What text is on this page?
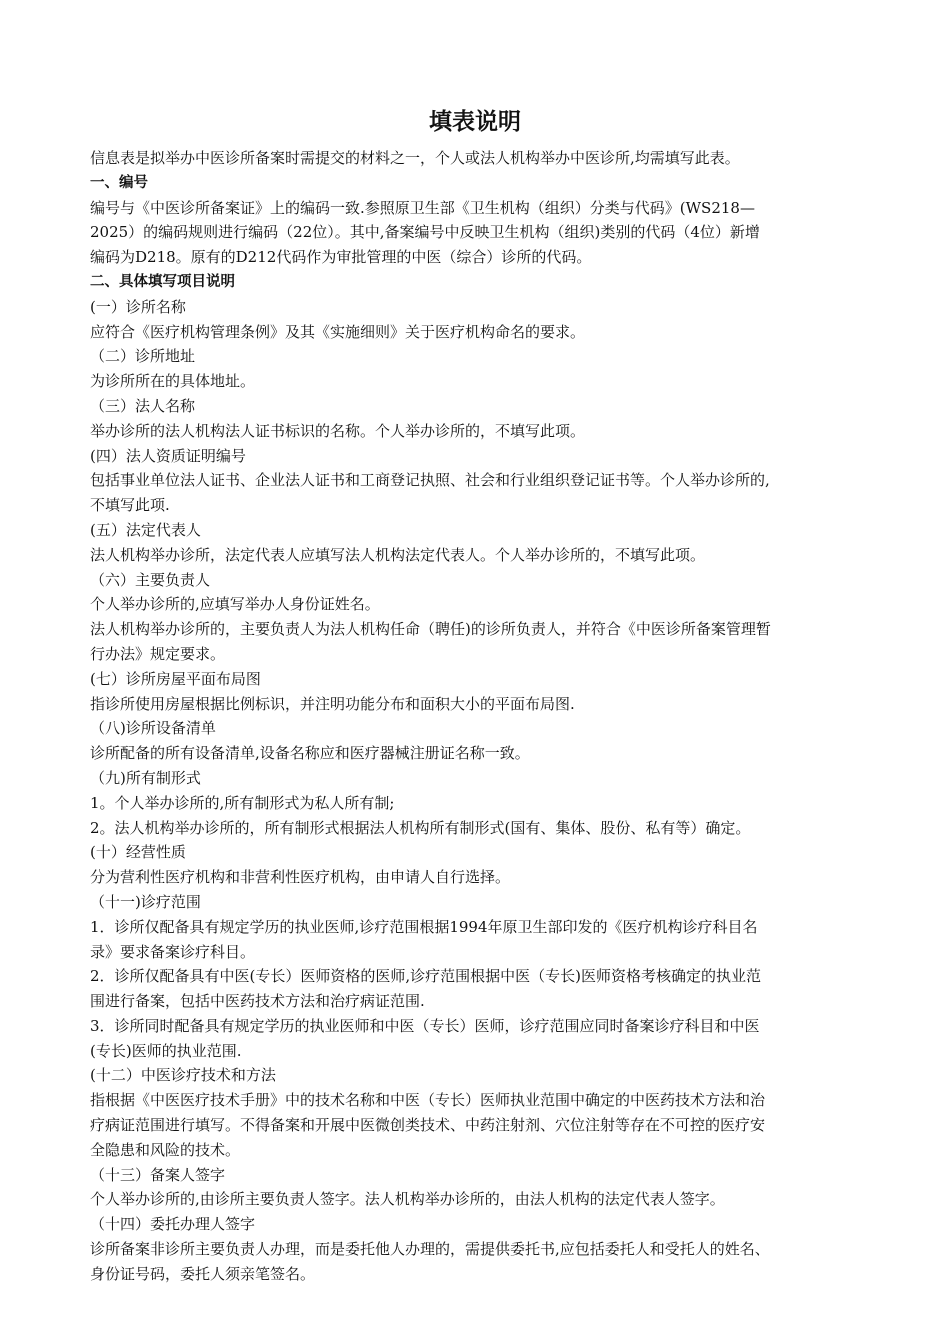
填表说明

信息表是拟举办中医诊所备案时需提交的材料之一，个人或法人机构举办中医诊所,均需填写此表。

一、编号

编号与《中医诊所备案证》上的编码一致.参照原卫生部《卫生机构（组织）分类与代码》(WS218—

2025）的编码规则进行编码（22位）。其中,备案编号中反映卫生机构（组织)类别的代码（4位）新增

编码为D218。原有的D212代码作为审批管理的中医（综合）诊所的代码。

二、具体填写项目说明

(一）诊所名称

应符合《医疗机构管理条例》及其《实施细则》关于医疗机构命名的要求。

（二）诊所地址

为诊所所在的具体地址。

（三）法人名称

举办诊所的法人机构法人证书标识的名称。个人举办诊所的，不填写此项。

(四）法人资质证明编号

包括事业单位法人证书、企业法人证书和工商登记执照、社会和行业组织登记证书等。个人举办诊所的,

不填写此项.

(五）法定代表人

法人机构举办诊所，法定代表人应填写法人机构法定代表人。个人举办诊所的，不填写此项。

（六）主要负责人

个人举办诊所的,应填写举办人身份证姓名。

法人机构举办诊所的，主要负责人为法人机构任命（聘任)的诊所负责人，并符合《中医诊所备案管理暂

行办法》规定要求。

(七）诊所房屋平面布局图

指诊所使用房屋根据比例标识，并注明功能分布和面积大小的平面布局图.

（八)诊所设备清单

诊所配备的所有设备清单,设备名称应和医疗器械注册证名称一致。

（九)所有制形式

1。个人举办诊所的,所有制形式为私人所有制;

2。法人机构举办诊所的，所有制形式根据法人机构所有制形式(国有、集体、股份、私有等）确定。

(十）经营性质

分为营利性医疗机构和非营利性医疗机构，由申请人自行选择。

（十一)诊疗范围

1．诊所仅配备具有规定学历的执业医师,诊疗范围根据1994年原卫生部印发的《医疗机构诊疗科目名

录》要求备案诊疗科目。

2．诊所仅配备具有中医(专长）医师资格的医师,诊疗范围根据中医（专长)医师资格考核确定的执业范

围进行备案，包括中医药技术方法和治疗病证范围.

3．诊所同时配备具有规定学历的执业医师和中医（专长）医师，诊疗范围应同时备案诊疗科目和中医

(专长)医师的执业范围.

(十二）中医诊疗技术和方法

指根据《中医医疗技术手册》中的技术名称和中医（专长）医师执业范围中确定的中医药技术方法和治

疗病证范围进行填写。不得备案和开展中医微创类技术、中药注射剂、穴位注射等存在不可控的医疗安

全隐患和风险的技术。

（十三）备案人签字

个人举办诊所的,由诊所主要负责人签字。法人机构举办诊所的，由法人机构的法定代表人签字。

（十四）委托办理人签字

诊所备案非诊所主要负责人办理，而是委托他人办理的，需提供委托书,应包括委托人和受托人的姓名、

身份证号码，委托人须亲笔签名。
